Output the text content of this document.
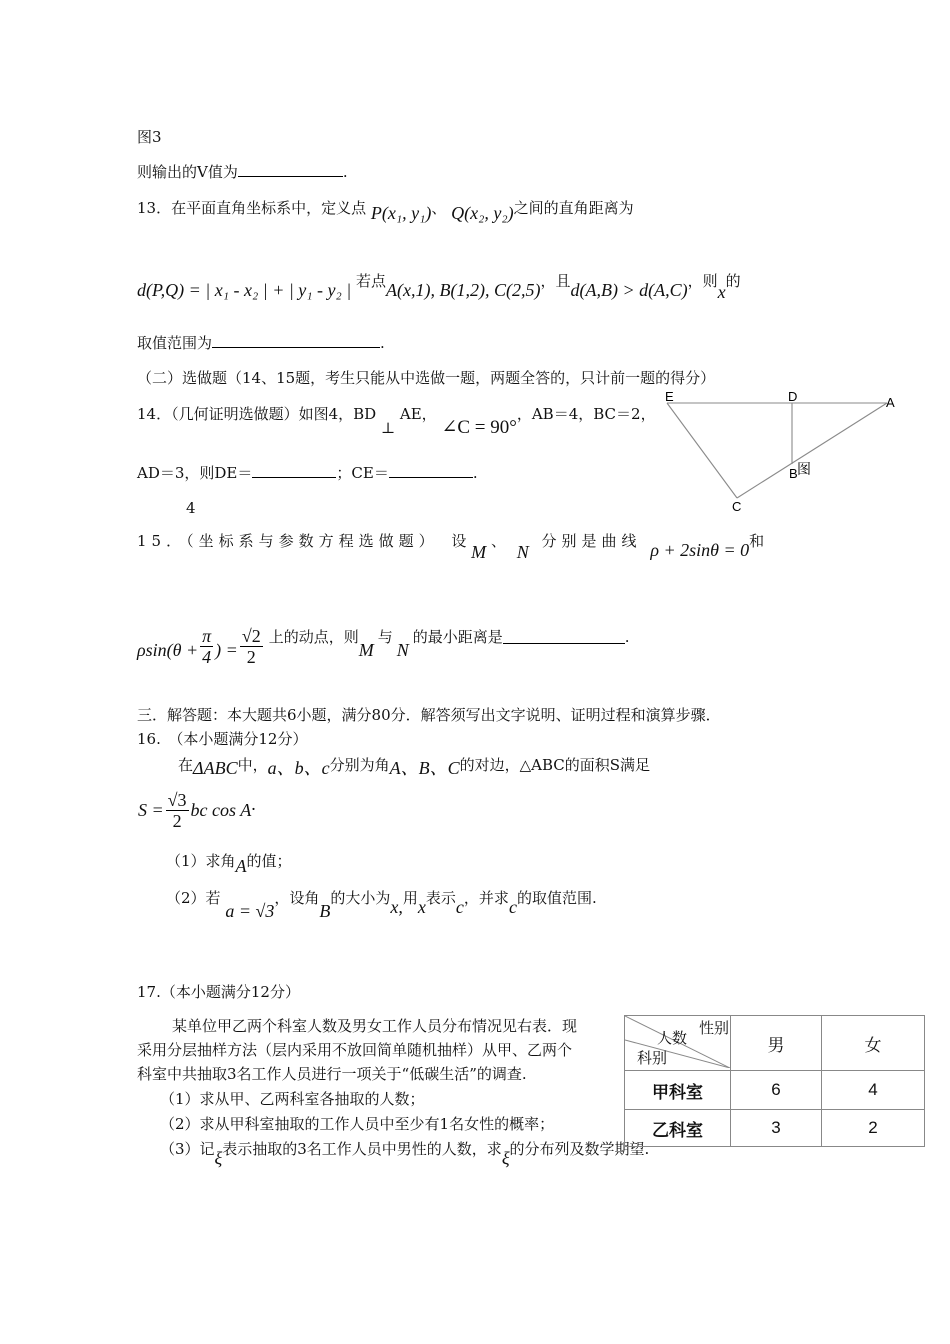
图3
则输出的V值为	.
13．在平面直角坐标系中，定义点 P(x₁, y₁)、 Q(x₂, y₂)之间的直角距离为
d(P,Q) = | x₁ - x₂ | + | y₁ - y₂ | 若点A(x,1), B(1,2), C(2,5)，且d(A,B) > d(A,C)，则x的
取值范围为	.
（二）选做题（14、15题，考生只能从中选做一题，两题全答的，只计前一题的得分）
14．（几何证明选做题）如图4，BD ⊥ AE， ∠C = 90°，AB＝4，BC＝2，
AD＝3，则DE＝	；CE＝	.
4
E	D	A
B
C
图
15．（坐标系与参数方程选做题） 设 M 、 N 分别是曲线 ρ + 2sinθ = 0和
$\rho\sin(\theta + \frac{\pi}{4}$ ) = $\frac{√2}{2}$ 上的动点，则
M
与
N
的最小距离是	.
三．解答题：本大题共6小题，满分80分．解答须写出文字说明、证明过程和演算步骤．
16.　（本小题满分12分）
在ΔABC中，a、b、c分别为角A、B、C的对边，△ABC的面积S满足
$S = \frac{√3}{2}$ bc cos A .
（1）求角A的值；
（2）若 a = √3，设角B的大小为x,用x表示c，并求c的取值范围.
17.（本小题满分12分）
某单位甲乙两个科室人数及男女工作人员分布情况见右表．现
采用分层抽样方法（层内采用不放回简单随机抽样）从甲、乙两个
科室中共抽取3名工作人员进行一项关于“低碳生活”的调查.
（1）求从甲、乙两科室各抽取的人数；
（2）求从甲科室抽取的工作人员中至少有1名女性的概率；
（3）记ξ表示抽取的3名工作人员中男性的人数，求ξ的分布列及数学期望.
性别
人数
科别	男	女
甲科室	6	4
乙科室	3	2
